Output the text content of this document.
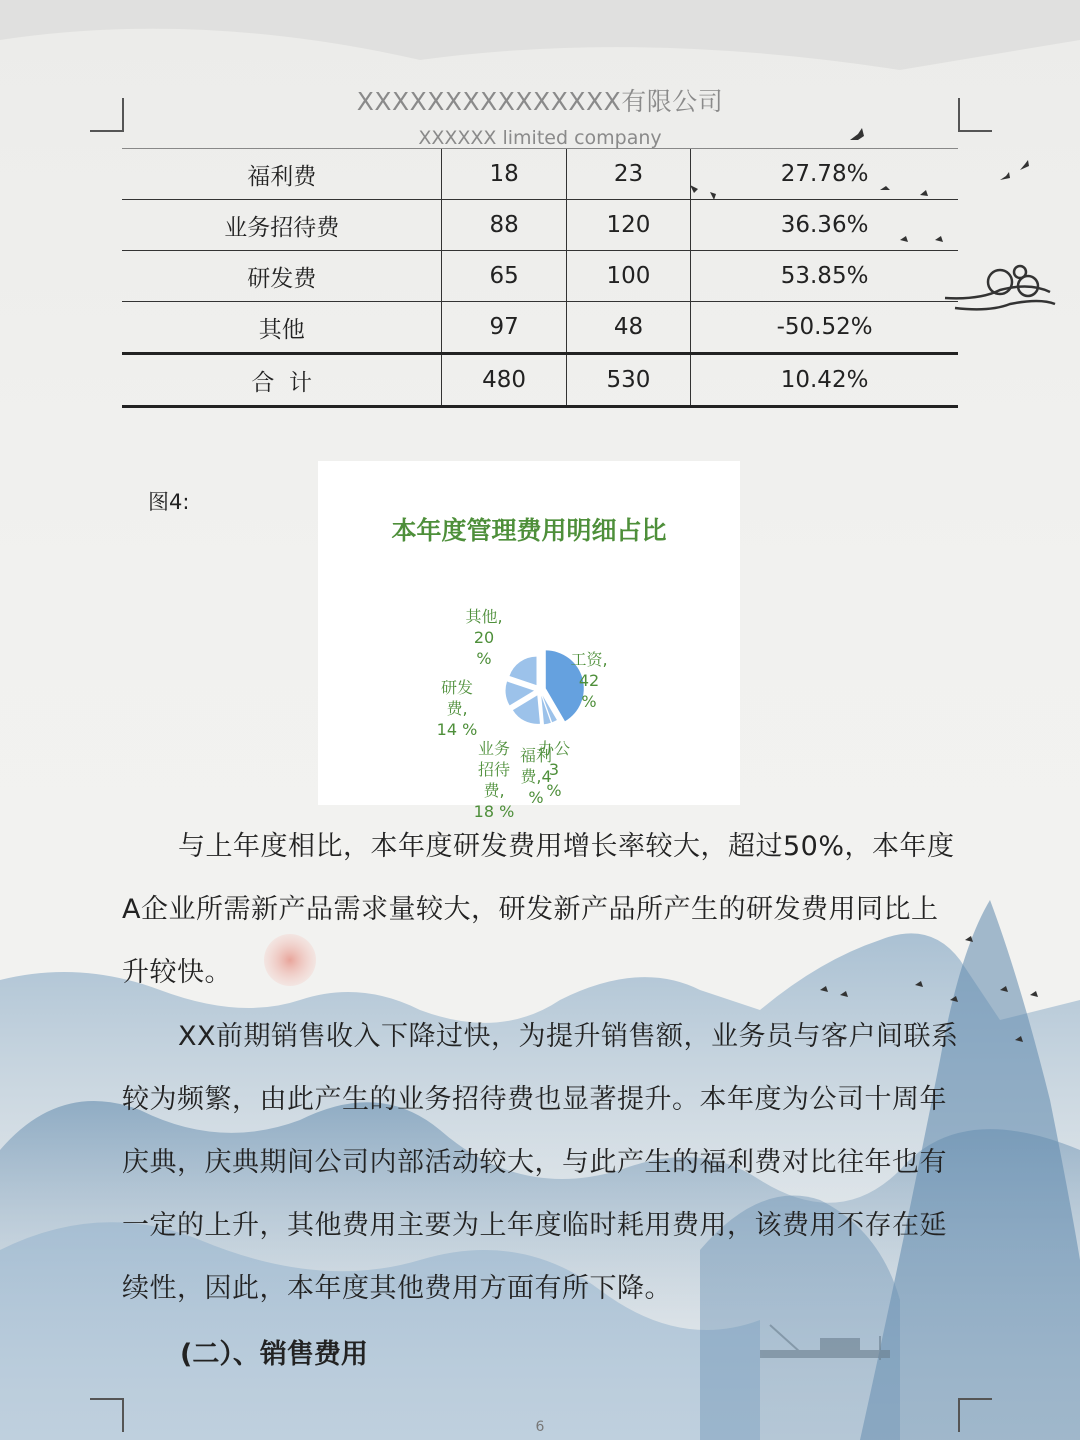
XXXXXXXXXXXXXXX有限公司
XXXXXX limited company
福利费	18	23	27.78%
业务招待费	88	120	36.36%
研发费	65	100	53.85%
其他	97	48	-50.52%
合  计	480	530	10.42%
图4:
本年度管理费用明细占比
工资, 42 %
办公 3 %
福利费,4 %
业务招待费, 18 %
研发费, 14 %
其他, 20 %
与上年度相比，本年度研发费用增长率较大，超过50%，本年度A企业所需新产品需求量较大，研发新产品所产生的研发费用同比上升较快。
XX前期销售收入下降过快，为提升销售额，业务员与客户间联系较为频繁，由此产生的业务招待费也显著提升。本年度为公司十周年庆典，庆典期间公司内部活动较大，与此产生的福利费对比往年也有一定的上升，其他费用主要为上年度临时耗用费用，该费用不存在延续性，因此，本年度其他费用方面有所下降。
(二）、销售费用
6
